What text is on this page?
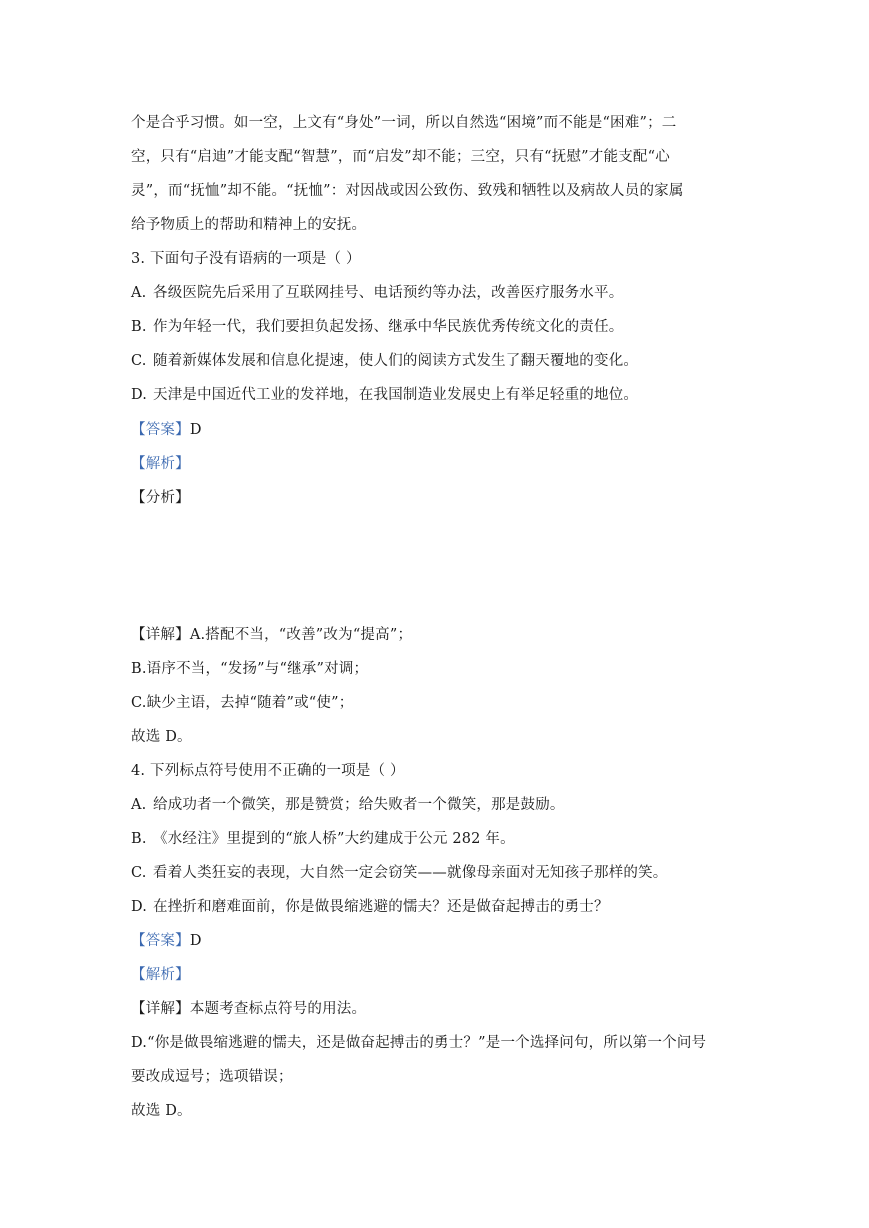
个是合乎习惯。如一空，上文有“身处”一词，所以自然选“困境”而不能是“困难”；二
空，只有“启迪”才能支配“智慧”，而“启发”却不能；三空，只有“抚慰”才能支配“心
灵”，而“抚恤”却不能。“抚恤”：对因战或因公致伤、致残和牺牲以及病故人员的家属
给予物质上的帮助和精神上的安抚。
3. 下面句子没有语病的一项是（ ）
A. 各级医院先后采用了互联网挂号、电话预约等办法，改善医疗服务水平。
B. 作为年轻一代，我们要担负起发扬、继承中华民族优秀传统文化的责任。
C. 随着新媒体发展和信息化提速，使人们的阅读方式发生了翻天覆地的变化。
D. 天津是中国近代工业的发祥地，在我国制造业发展史上有举足轻重的地位。
【答案】D
【解析】
【分析】
【详解】A.搭配不当，“改善”改为“提高”；
B.语序不当，“发扬”与“继承”对调；
C.缺少主语，去掉“随着”或“使”；
故选 D。
4. 下列标点符号使用不正确的一项是（ ）
A. 给成功者一个微笑，那是赞赏；给失败者一个微笑，那是鼓励。
B. 《水经注》里提到的“旅人桥”大约建成于公元 282 年。
C. 看着人类狂妄的表现，大自然一定会窃笑——就像母亲面对无知孩子那样的笑。
D. 在挫折和磨难面前，你是做畏缩逃避的懦夫？还是做奋起搏击的勇士？
【答案】D
【解析】
【详解】本题考查标点符号的用法。
D.“你是做畏缩逃避的懦夫，还是做奋起搏击的勇士？”是一个选择问句，所以第一个问号
要改成逗号；选项错误；
故选 D。
